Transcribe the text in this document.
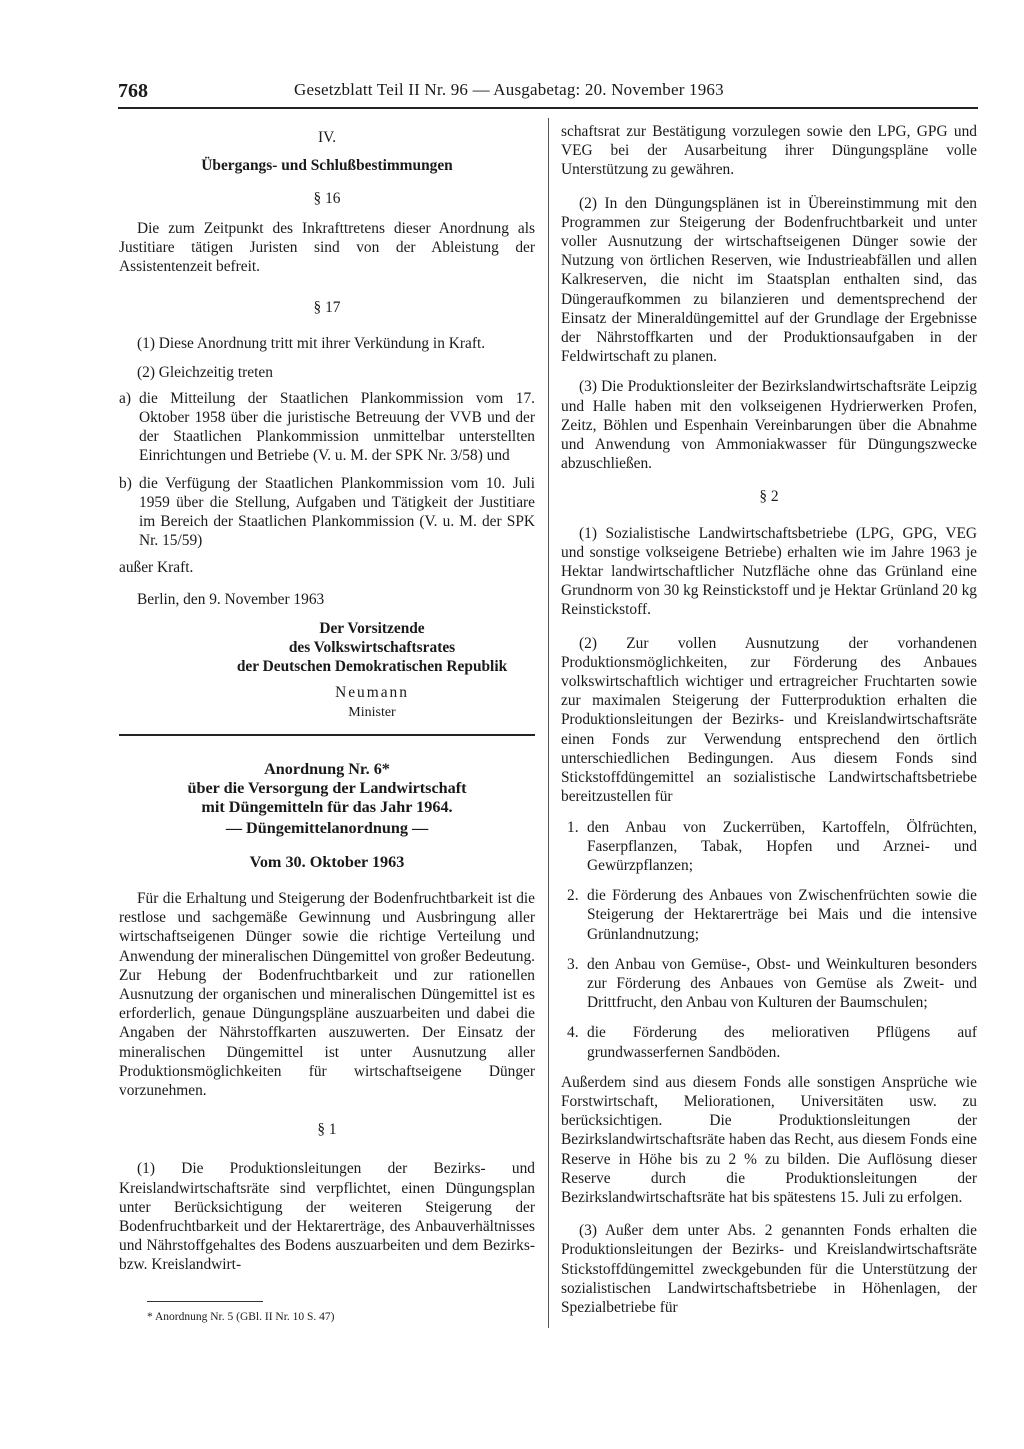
768	Gesetzblatt Teil II Nr. 96 — Ausgabetag: 20. November 1963

IV.

Übergangs- und Schlußbestimmungen

§ 16

Die zum Zeitpunkt des Inkrafttretens dieser Anordnung als Justitiare tätigen Juristen sind von der Ableistung der Assistentenzeit befreit.

§ 17

(1) Diese Anordnung tritt mit ihrer Verkündung in Kraft.

(2) Gleichzeitig treten

a) die Mitteilung der Staatlichen Plankommission vom 17. Oktober 1958 über die juristische Betreuung der VVB und der der Staatlichen Plankommission unmittelbar unterstellten Einrichtungen und Betriebe (V. u. M. der SPK Nr. 3/58) und
b) die Verfügung der Staatlichen Plankommission vom 10. Juli 1959 über die Stellung, Aufgaben und Tätigkeit der Justitiare im Bereich der Staatlichen Plankommission (V. u. M. der SPK Nr. 15/59)

außer Kraft.

Berlin, den 9. November 1963

Der Vorsitzende

des Volkswirtschaftsrates

der Deutschen Demokratischen Republik

Neumann

Minister

Anordnung Nr. 6*

über die Versorgung der Landwirtschaft

mit Düngemitteln für das Jahr 1964.

— Düngemittelanordnung —

Vom 30. Oktober 1963

Für die Erhaltung und Steigerung der Bodenfruchtbarkeit ist die restlose und sachgemäße Gewinnung und Ausbringung aller wirtschaftseigenen Dünger sowie die richtige Verteilung und Anwendung der mineralischen Düngemittel von großer Bedeutung. Zur Hebung der Bodenfruchtbarkeit und zur rationellen Ausnutzung der organischen und mineralischen Düngemittel ist es erforderlich, genaue Düngungspläne auszuarbeiten und dabei die Angaben der Nährstoffkarten auszuwerten. Der Einsatz der mineralischen Düngemittel ist unter Ausnutzung aller Produktionsmöglichkeiten für wirtschaftseigene Dünger vorzunehmen.

§ 1

(1) Die Produktionsleitungen der Bezirks- und Kreislandwirtschaftsräte sind verpflichtet, einen Düngungsplan unter Berücksichtigung der weiteren Steigerung der Bodenfruchtbarkeit und der Hektarerträge, des Anbauverhältnisses und Nährstoffgehaltes des Bodens auszuarbeiten und dem Bezirks- bzw. Kreislandwirt-

schaftsrat zur Bestätigung vorzulegen sowie den LPG, GPG und VEG bei der Ausarbeitung ihrer Düngungspläne volle Unterstützung zu gewähren.

(2) In den Düngungsplänen ist in Übereinstimmung mit den Programmen zur Steigerung der Bodenfruchtbarkeit und unter voller Ausnutzung der wirtschaftseigenen Dünger sowie der Nutzung von örtlichen Reserven, wie Industrieabfällen und allen Kalkreserven, die nicht im Staatsplan enthalten sind, das Düngeraufkommen zu bilanzieren und dementsprechend der Einsatz der Mineraldüngemittel auf der Grundlage der Ergebnisse der Nährstoffkarten und der Produktionsaufgaben in der Feldwirtschaft zu planen.

(3) Die Produktionsleiter der Bezirkslandwirtschaftsräte Leipzig und Halle haben mit den volkseigenen Hydrierwerken Profen, Zeitz, Böhlen und Espenhain Vereinbarungen über die Abnahme und Anwendung von Ammoniakwasser für Düngungszwecke abzuschließen.

§ 2

(1) Sozialistische Landwirtschaftsbetriebe (LPG, GPG, VEG und sonstige volkseigene Betriebe) erhalten wie im Jahre 1963 je Hektar landwirtschaftlicher Nutzfläche ohne das Grünland eine Grundnorm von 30 kg Reinstickstoff und je Hektar Grünland 20 kg Reinstickstoff.

(2) Zur vollen Ausnutzung der vorhandenen Produktionsmöglichkeiten, zur Förderung des Anbaues volkswirtschaftlich wichtiger und ertragreicher Fruchtarten sowie zur maximalen Steigerung der Futterproduktion erhalten die Produktionsleitungen der Bezirks- und Kreislandwirtschaftsräte einen Fonds zur Verwendung entsprechend den örtlich unterschiedlichen Bedingungen. Aus diesem Fonds sind Stickstoffdüngemittel an sozialistische Landwirtschaftsbetriebe bereitzustellen für

1. den Anbau von Zuckerrüben, Kartoffeln, Ölfrüchten, Faserpflanzen, Tabak, Hopfen und Arznei- und Gewürzpflanzen;
2. die Förderung des Anbaues von Zwischenfrüchten sowie die Steigerung der Hektarerträge bei Mais und die intensive Grünlandnutzung;
3. den Anbau von Gemüse-, Obst- und Weinkulturen besonders zur Förderung des Anbaues von Gemüse als Zweit- und Drittfrucht, den Anbau von Kulturen der Baumschulen;
4. die Förderung des meliorativen Pflügens auf grundwasserfernen Sandböden.

Außerdem sind aus diesem Fonds alle sonstigen Ansprüche wie Forstwirtschaft, Meliorationen, Universitäten usw. zu berücksichtigen. Die Produktionsleitungen der Bezirkslandwirtschaftsräte haben das Recht, aus diesem Fonds eine Reserve in Höhe bis zu 2 % zu bilden. Die Auflösung dieser Reserve durch die Produktionsleitungen der Bezirkslandwirtschaftsräte hat bis spätestens 15. Juli zu erfolgen.

(3) Außer dem unter Abs. 2 genannten Fonds erhalten die Produktionsleitungen der Bezirks- und Kreislandwirtschaftsräte Stickstoffdüngemittel zweckgebunden für die Unterstützung der sozialistischen Landwirtschaftsbetriebe in Höhenlagen, der Spezialbetriebe für

* Anordnung Nr. 5 (GBl. II Nr. 10 S. 47)
